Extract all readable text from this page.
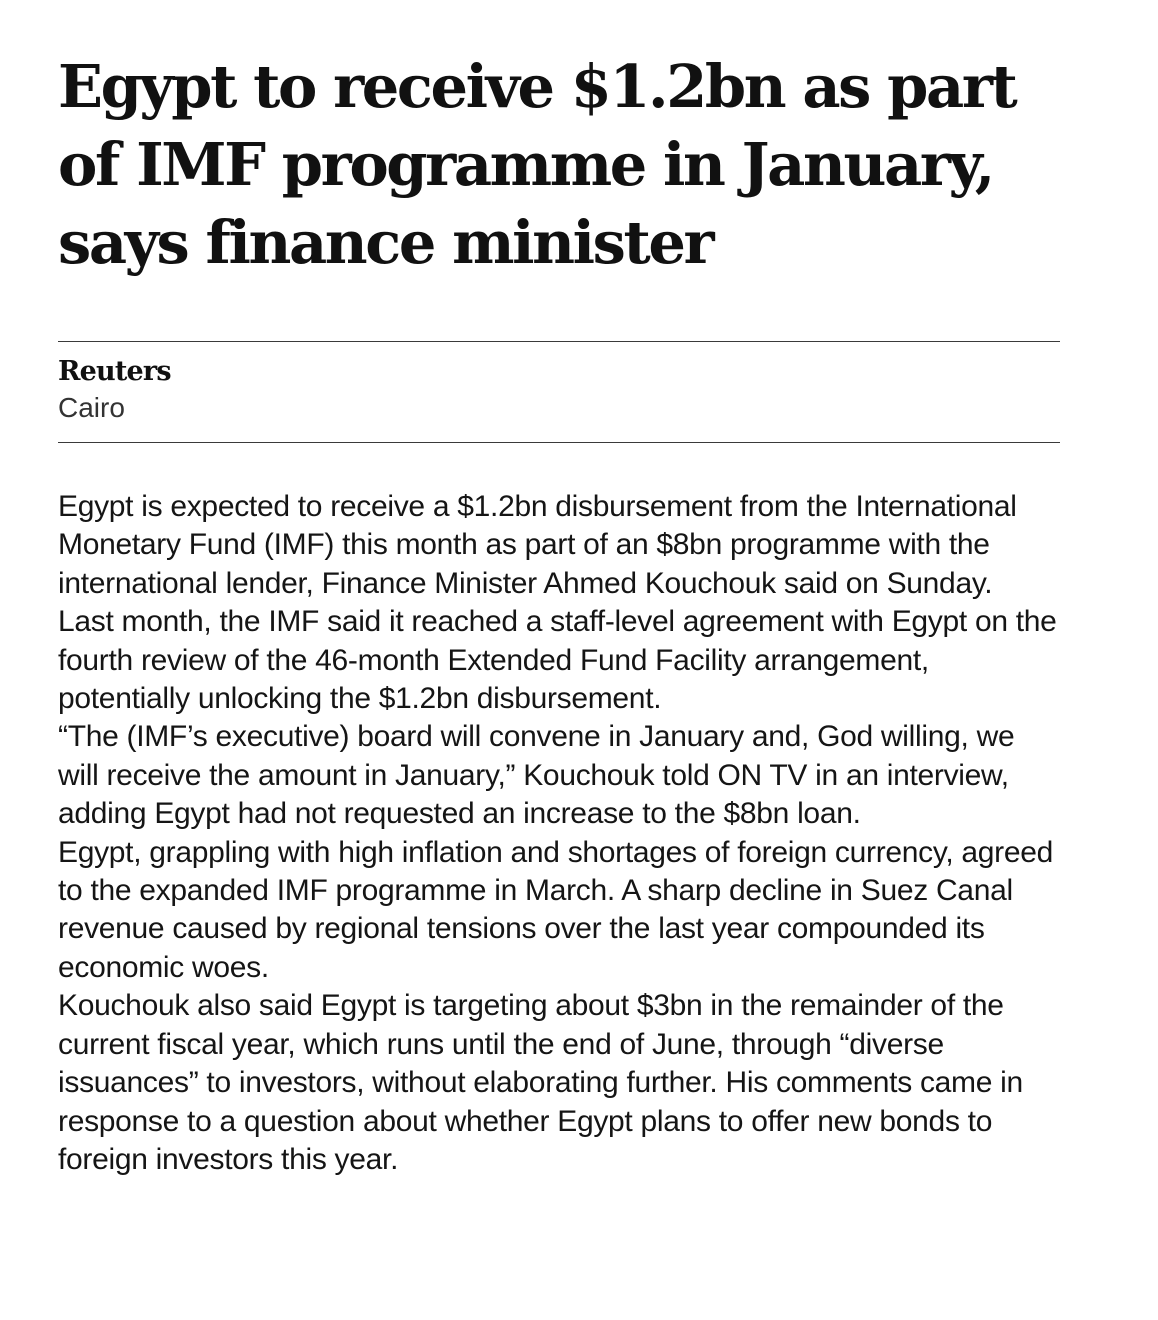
Egypt to receive $1.2bn as part of IMF programme in January, says finance minister
Reuters
Cairo

Egypt is expected to receive a $1.2bn disbursement from the International Monetary Fund (IMF) this month as part of an $8bn programme with the international lender, Finance Minister Ahmed Kouchouk said on Sunday.

Last month, the IMF said it reached a staff-level agreement with Egypt on the fourth review of the 46-month Extended Fund Facility arrangement, potentially unlocking the $1.2bn disbursement.

“The (IMF’s executive) board will convene in January and, God willing, we will receive the amount in January,” Kouchouk told ON TV in an interview, adding Egypt had not requested an increase to the $8bn loan.

Egypt, grappling with high inflation and shortages of foreign currency, agreed to the expanded IMF programme in March. A sharp decline in Suez Canal revenue caused by regional tensions over the last year compounded its economic woes.

Kouchouk also said Egypt is targeting about $3bn in the remainder of the current fiscal year, which runs until the end of June, through “diverse issuances” to investors, without elaborating further. His comments came in response to a question about whether Egypt plans to offer new bonds to foreign investors this year.
